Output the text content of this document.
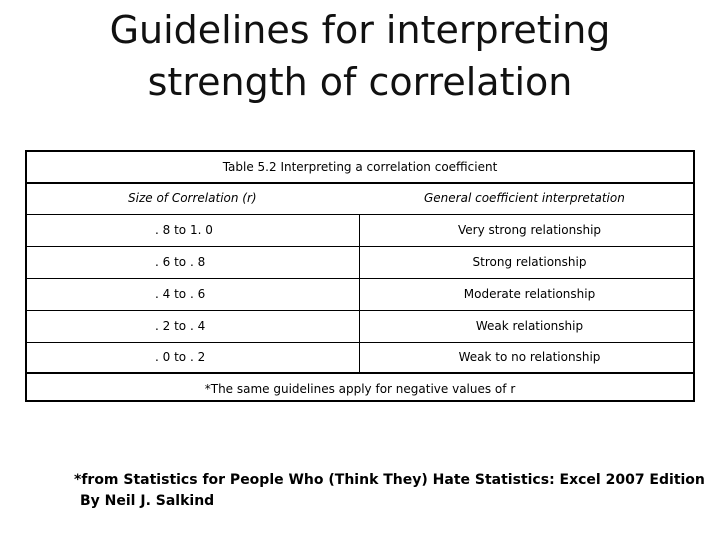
Guidelines for interpreting
strength of correlation
Table 5.2 Interpreting a correlation coefficient
Size of Correlation (r)	General coefficient interpretation
. 8 to 1. 0	Very strong relationship
. 6 to . 8	Strong relationship
. 4 to . 6	Moderate relationship
. 2 to . 4	Weak relationship
. 0 to . 2	Weak to no relationship
*The same guidelines apply for negative values of r
*from Statistics for People Who (Think They) Hate Statistics: Excel 2007 Edition
By Neil J. Salkind
